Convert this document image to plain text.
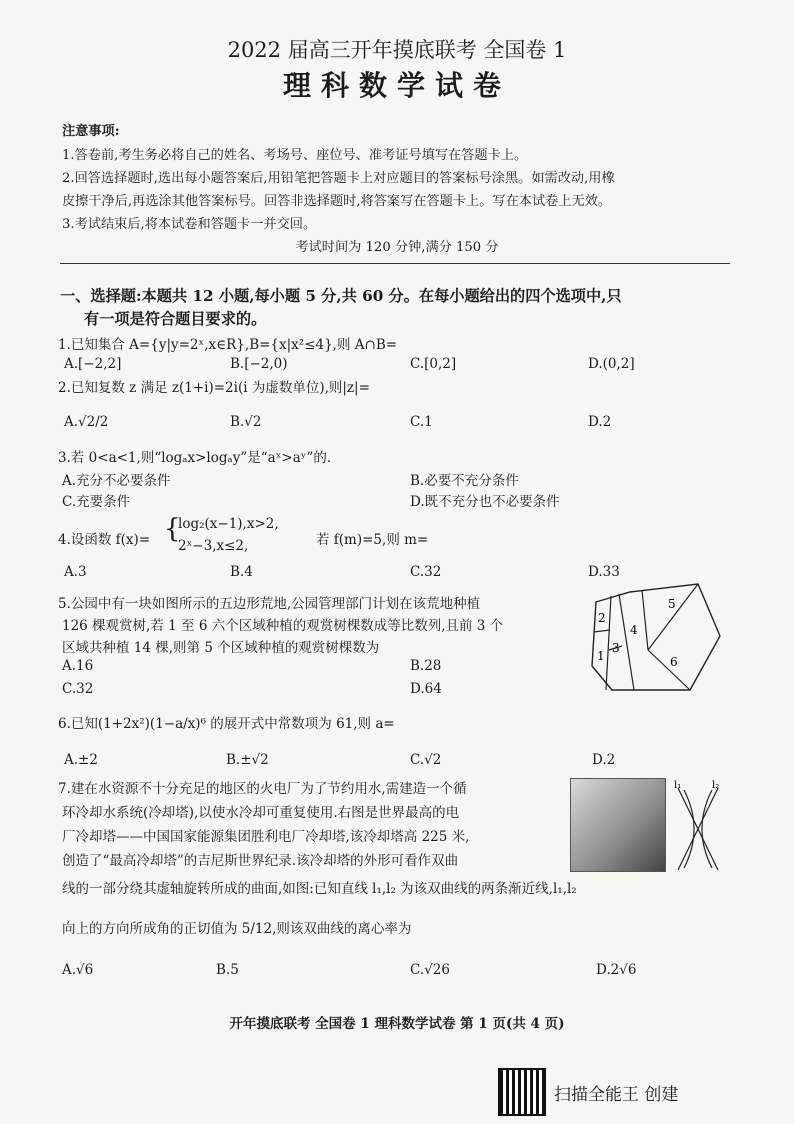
2022 届高三开年摸底联考 全国卷 1
理科数学试卷
注意事项:
1.答卷前,考生务必将自己的姓名、考场号、座位号、准考证号填写在答题卡上。
2.回答选择题时,选出每小题答案后,用铅笔把答题卡上对应题目的答案标号涂黑。如需改动,用橡
皮擦干净后,再选涂其他答案标号。回答非选择题时,将答案写在答题卡上。写在本试卷上无效。
3.考试结束后,将本试卷和答题卡一并交回。
考试时间为 120 分钟,满分 150 分
一、选择题:本题共 12 小题,每小题 5 分,共 60 分。在每小题给出的四个选项中,只
有一项是符合题目要求的。
1.已知集合 A={y|y=2ˣ,x∈R},B={x|x²≤4},则 A∩B=
A.[−2,2]	B.[−2,0)	C.[0,2]	D.(0,2]
2.已知复数 z 满足 z(1+i)=2i(i 为虚数单位),则|z|=
A.√2/2	B.√2	C.1	D.2
3.若 0<a<1,则“logₐx>logₐy”是“aˣ>aʸ”的.
A.充分不必要条件	B.必要不充分条件
C.充要条件	D.既不充分也不必要条件
4.设函数 f(x)= {
log₂(x−1),x>2,
2ˣ−3,x≤2,	若 f(m)=5,则 m=
A.3	B.4	C.32	D.33
5.公园中有一块如图所示的五边形荒地,公园管理部门计划在该荒地种植
126 棵观赏树,若 1 至 6 六个区域种植的观赏树棵数成等比数列,且前 3 个
区域共种植 14 棵,则第 5 个区域种植的观赏树棵数为
A.16	B.28
C.32	D.64
1
2
3
4
5
6
6.已知(1+2x²)(1−a/x)⁶ 的展开式中常数项为 61,则 a=
A.±2	B.±√2	C.√2	D.2
7.建在水资源不十分充足的地区的火电厂为了节约用水,需建造一个循
环冷却水系统(冷却塔),以使水冷却可重复使用.右图是世界最高的电
厂冷却塔——中国国家能源集团胜利电厂冷却塔,该冷却塔高 225 米,
创造了“最高冷却塔”的吉尼斯世界纪录.该冷却塔的外形可看作双曲
线的一部分绕其虚轴旋转所成的曲面,如图:已知直线 l₁,l₂ 为该双曲线的两条渐近线,l₁,l₂
向上的方向所成角的正切值为 5/12,则该双曲线的离心率为
A.√6	B.5	C.√26	D.2√6
l₁	l₂
开年摸底联考 全国卷 1 理科数学试卷 第 1 页(共 4 页)
扫描全能王 创建
